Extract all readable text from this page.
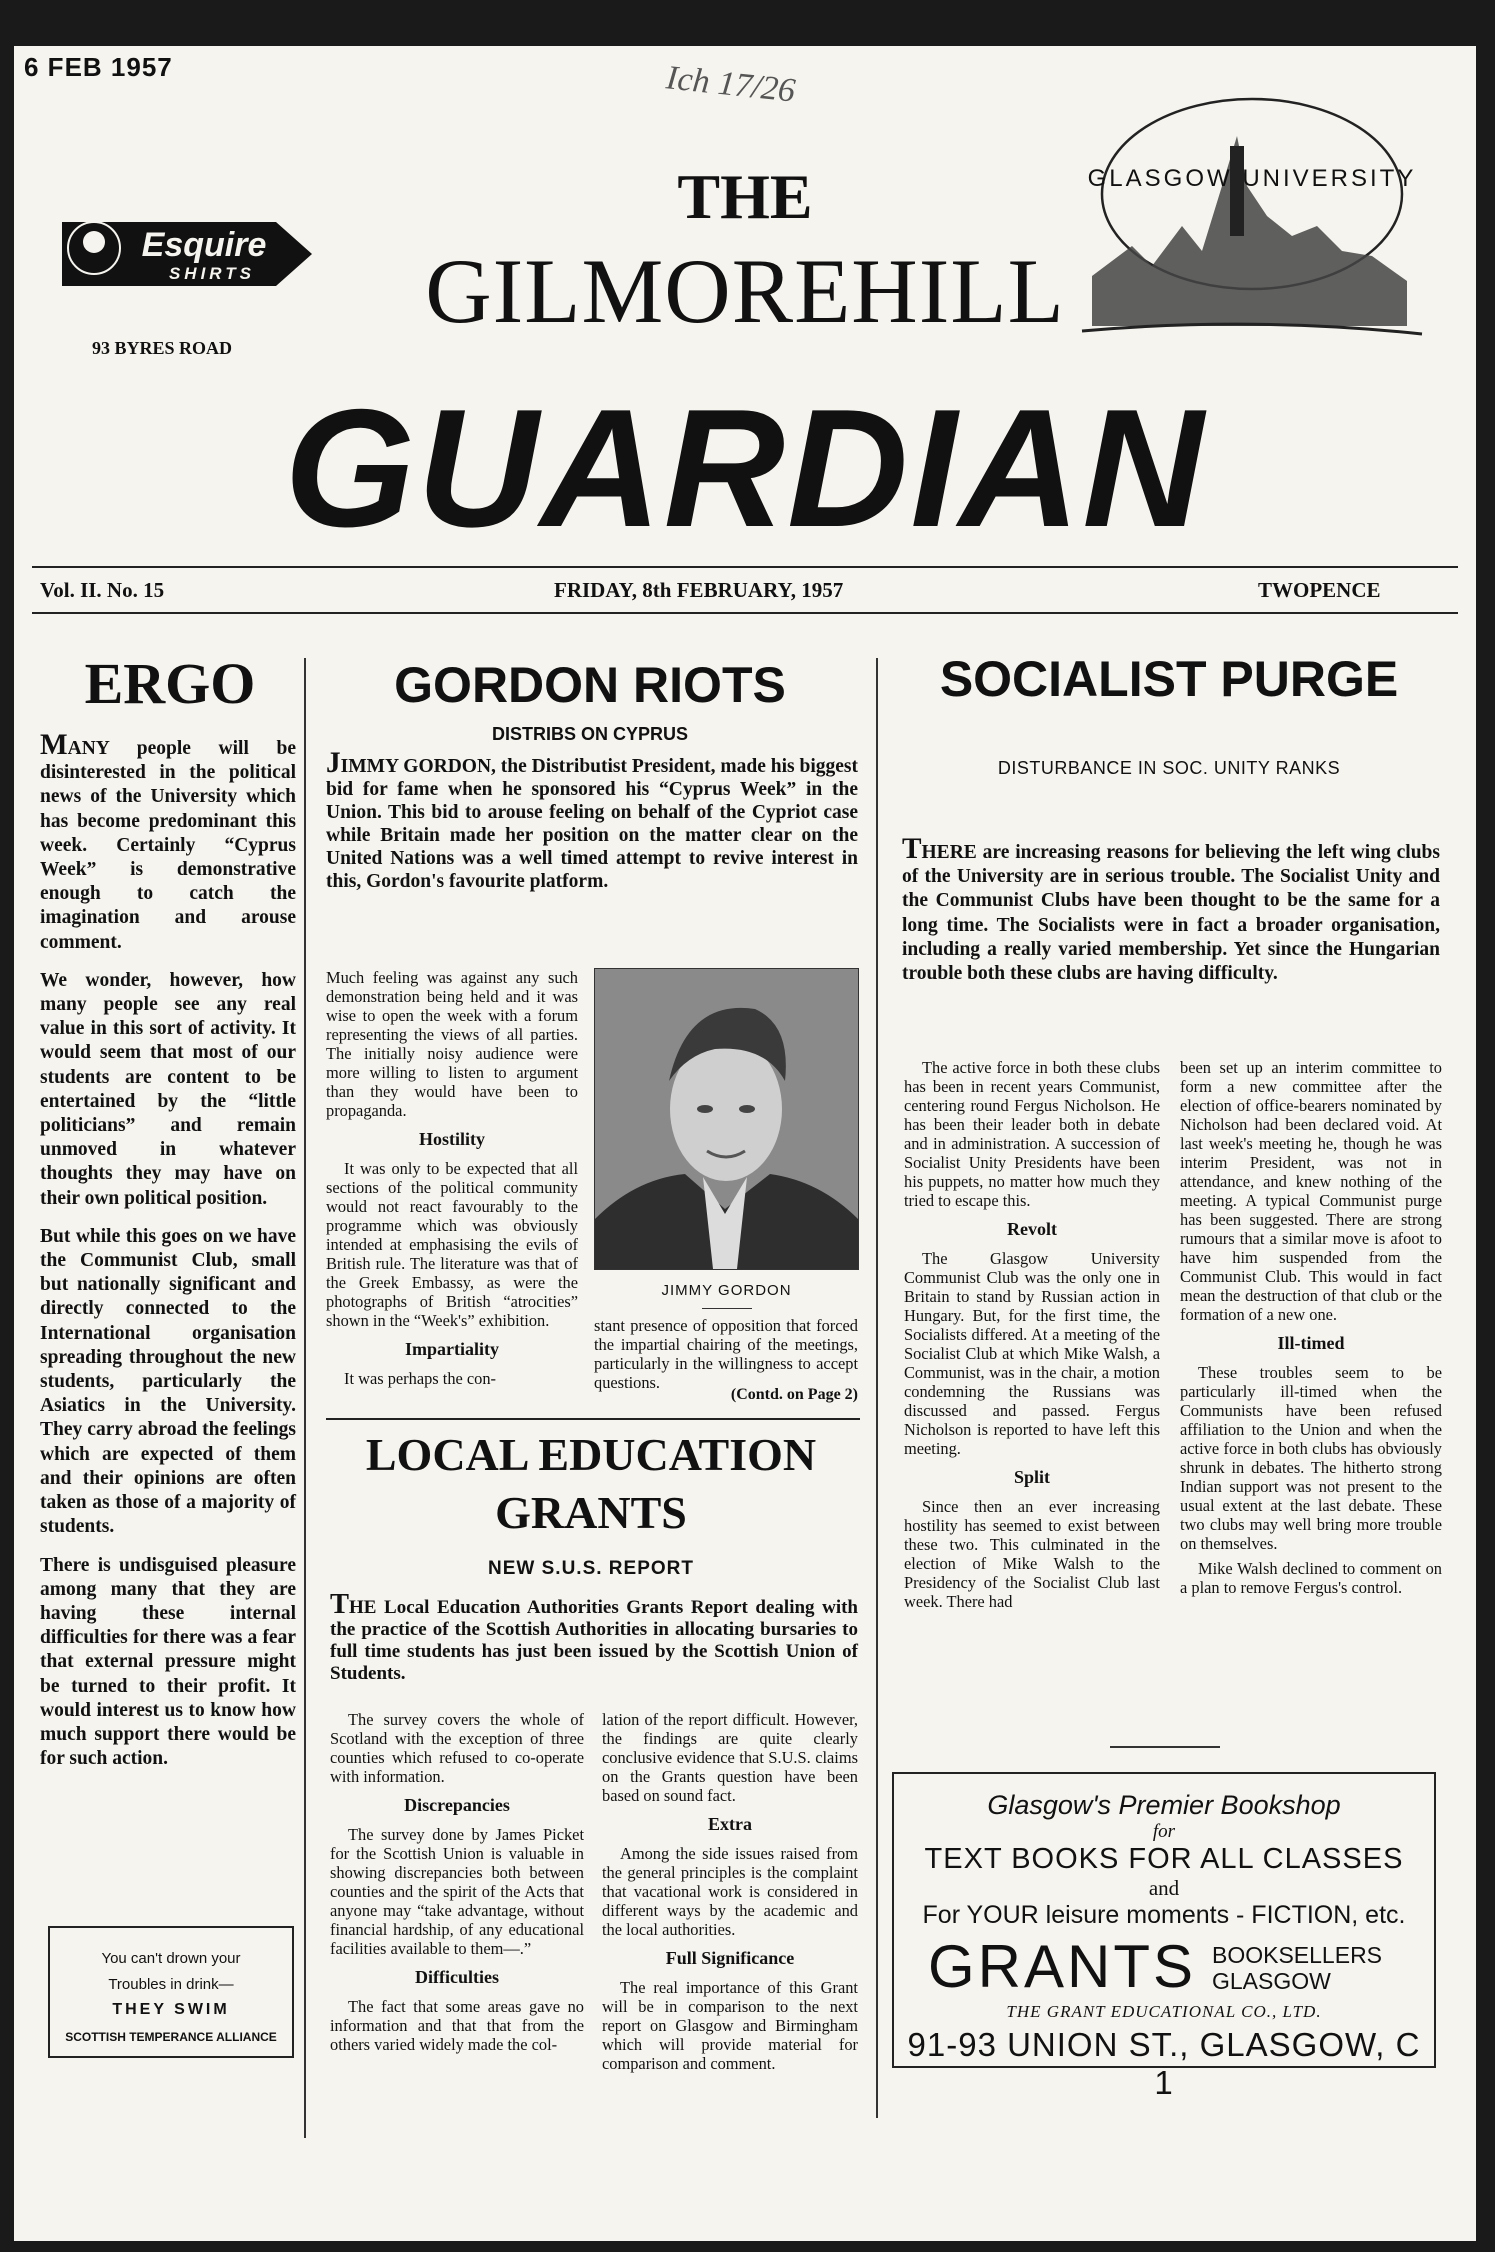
6 FEB 1957	Ich 17/26
Esquire
SHIRTS
93 BYRES ROAD
GLASGOW UNIVERSITY
THE
GILMOREHILL
GUARDIAN
Vol. II. No. 15	FRIDAY, 8th FEBRUARY, 1957	TWOPENCE
ERGO

MANY people will be disinterested in the political news of the University which has become predominant this week. Certainly “Cyprus Week” is demonstrative enough to catch the imagination and arouse comment.

We wonder, however, how many people see any real value in this sort of activity. It would seem that most of our students are content to be entertained by the “little politicians” and remain unmoved in whatever thoughts they may have on their own political position.

But while this goes on we have the Communist Club, small but nationally significant and directly connected to the International organisation spreading throughout the new students, particularly the Asiatics in the University. They carry abroad the feelings which are expected of them and their opinions are often taken as those of a majority of students.

There is undisguised pleasure among many that they are having these internal difficulties for there was a fear that external pressure might be turned to their profit. It would interest us to know how much support there would be for such action.

You can't drown your
Troubles in drink—
THEY SWIM
SCOTTISH TEMPERANCE ALLIANCE
GORDON RIOTS
DISTRIBS ON CYPRUS
JIMMY GORDON, the Distributist President, made his biggest bid for fame when he sponsored his “Cyprus Week” in the Union. This bid to arouse feeling on behalf of the Cypriot case while Britain made her position on the matter clear on the United Nations was a well timed attempt to revive interest in this, Gordon's favourite platform.

Much feeling was against any such demonstration being held and it was wise to open the week with a forum representing the views of all parties. The initially noisy audience were more willing to listen to argument than they would have been to propaganda.

Hostility

It was only to be expected that all sections of the political community would not react favourably to the programme which was obviously intended at emphasising the evils of British rule. The literature was that of the Greek Embassy, as were the photographs of British “atrocities” shown in the “Week's” exhibition.

Impartiality

It was perhaps the con-

JIMMY GORDON

stant presence of opposition that forced the impartial chairing of the meetings, particularly in the willingness to accept questions.

(Contd. on Page 2)
LOCAL EDUCATION
GRANTS
NEW S.U.S. REPORT
THE Local Education Authorities Grants Report dealing with the practice of the Scottish Authorities in allocating bursaries to full time students has just been issued by the Scottish Union of Students.

The survey covers the whole of Scotland with the exception of three counties which refused to co-operate with information.

Discrepancies

The survey done by James Picket for the Scottish Union is valuable in showing discrepancies both between counties and the spirit of the Acts that anyone may “take advantage, without financial hardship, of any educational facilities available to them—.”

Difficulties

The fact that some areas gave no information and that that from the others varied widely made the col-

lation of the report difficult. However, the findings are quite clearly conclusive evidence that S.U.S. claims on the Grants question have been based on sound fact.

Extra

Among the side issues raised from the general principles is the complaint that vacational work is considered in different ways by the academic and the local authorities.

Full Significance

The real importance of this Grant will be in comparison to the next report on Glasgow and Birmingham which will provide material for comparison and comment.

SOCIALIST PURGE
DISTURBANCE IN SOC. UNITY RANKS
THERE are increasing reasons for believing the left wing clubs of the University are in serious trouble. The Socialist Unity and the Communist Clubs have been thought to be the same for a long time. The Socialists were in fact a broader organisation, including a really varied membership. Yet since the Hungarian trouble both these clubs are having difficulty.

The active force in both these clubs has been in recent years Communist, centering round Fergus Nicholson. He has been their leader both in debate and in administration. A succession of Socialist Unity Presidents have been his puppets, no matter how much they tried to escape this.

Revolt

The Glasgow University Communist Club was the only one in Britain to stand by Russian action in Hungary. But, for the first time, the Socialists differed. At a meeting of the Socialist Club at which Mike Walsh, a Communist, was in the chair, a motion condemning the Russians was discussed and passed. Fergus Nicholson is reported to have left this meeting.

Split

Since then an ever increasing hostility has seemed to exist between these two. This culminated in the election of Mike Walsh to the Presidency of the Socialist Club last week. There had

been set up an interim committee to form a new committee after the election of office-bearers nominated by Nicholson had been declared void. At last week's meeting he, though he was interim President, was not in attendance, and knew nothing of the meeting. A typical Communist purge has been suggested. There are strong rumours that a similar move is afoot to have him suspended from the Communist Club. This would in fact mean the destruction of that club or the formation of a new one.

Ill-timed

These troubles seem to be particularly ill-timed when the Communists have been refused affiliation to the Union and when the active force in both clubs has obviously shrunk in debates. The hitherto strong Indian support was not present to the usual extent at the last debate. These two clubs may well bring more trouble on themselves.

Mike Walsh declined to comment on a plan to remove Fergus's control.

Glasgow's Premier Bookshop
for
TEXT BOOKS FOR ALL CLASSES
and
For YOUR leisure moments - FICTION, etc.
GRANTS BOOKSELLERS
GLASGOW
THE GRANT EDUCATIONAL CO., LTD.
91-93 UNION ST., GLASGOW, C 1
